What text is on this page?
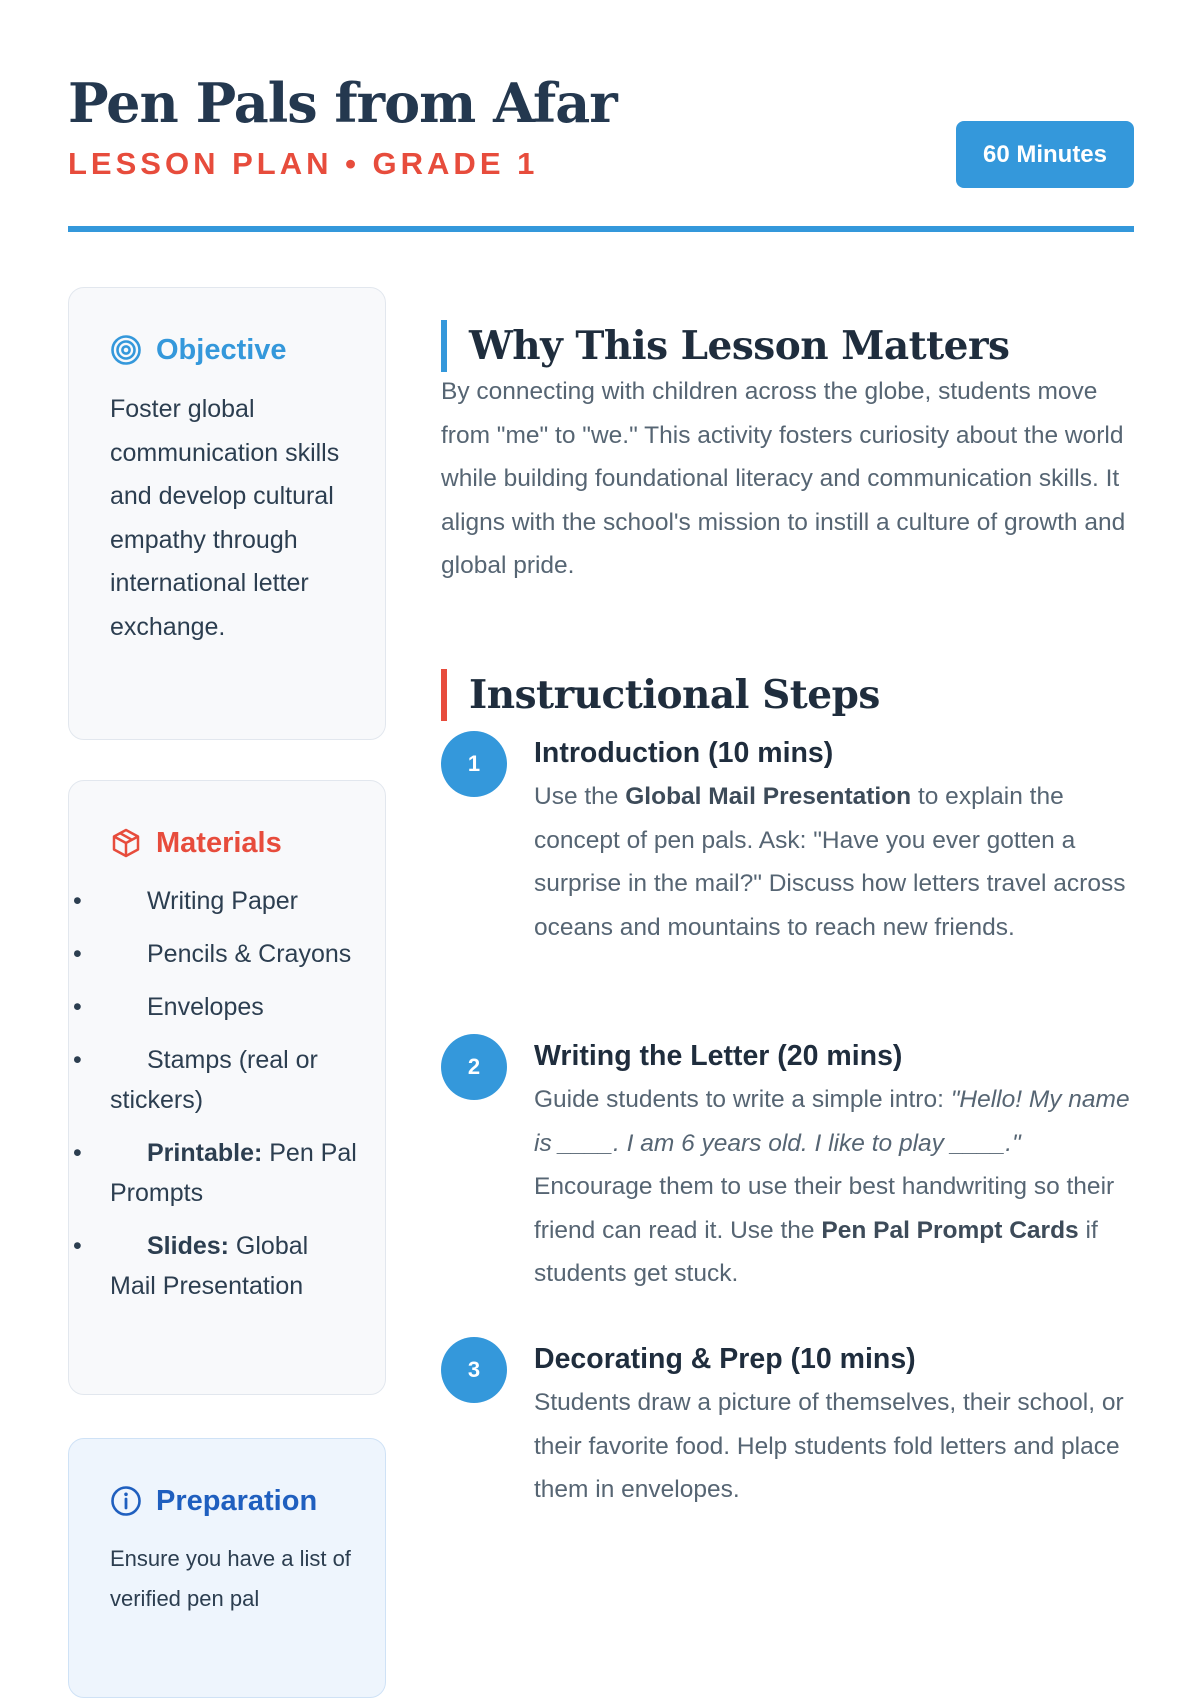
Pen Pals from Afar
LESSON PLAN • GRADE 1	60 Minutes
Objective

Foster global communication skills and develop cultural empathy through international letter exchange.

Materials
• Writing Paper
• Pencils & Crayons
• Envelopes
• Stamps (real or stickers)
• Printable: Pen Pal Prompts
• Slides: Global Mail Presentation
Preparation

Ensure you have a list of verified pen pal

Why This Lesson Matters

By connecting with children across the globe, students move from "me" to "we." This activity fosters curiosity about the world while building foundational literacy and communication skills. It aligns with the school's mission to instill a culture of growth and global pride.

Instructional Steps
1	Introduction (10 mins)

Use the Global Mail Presentation to explain the concept of pen pals. Ask: "Have you ever gotten a surprise in the mail?" Discuss how letters travel across oceans and mountains to reach new friends.

2	Writing the Letter (20 mins)

Guide students to write a simple intro: "Hello! My name is ____. I am 6 years old. I like to play ____." Encourage them to use their best handwriting so their friend can read it. Use the Pen Pal Prompt Cards if students get stuck.

3	Decorating & Prep (10 mins)

Students draw a picture of themselves, their school, or their favorite food. Help students fold letters and place them in envelopes.
